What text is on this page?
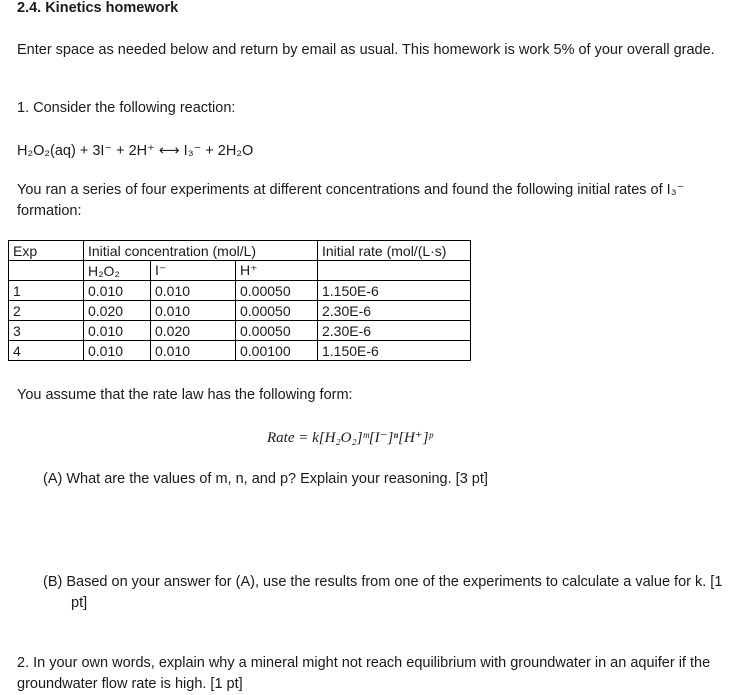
2.4. Kinetics homework
Enter space as needed below and return by email as usual. This homework is work 5% of your overall grade.
1. Consider the following reaction:
H₂O₂(aq) + 3I⁻ + 2H⁺ ⟷ I₃⁻ + 2H₂O
You ran a series of four experiments at different concentrations and found the following initial rates of I₃⁻ formation:
Exp	Initial concentration (mol/L)			Initial rate (mol/(L·s)
	H₂O₂	I⁻	H⁺	
1	0.010	0.010	0.00050	1.150E-6
2	0.020	0.010	0.00050	2.30E-6
3	0.010	0.020	0.00050	2.30E-6
4	0.010	0.010	0.00100	1.150E-6
You assume that the rate law has the following form:
Rate = k[H₂O₂]ᵐ[I⁻]ⁿ[H⁺]ᵖ
(A) What are the values of m, n, and p? Explain your reasoning. [3 pt]
(B) Based on your answer for (A), use the results from one of the experiments to calculate a value for k. [1 pt]
2. In your own words, explain why a mineral might not reach equilibrium with groundwater in an aquifer if the groundwater flow rate is high. [1 pt]
